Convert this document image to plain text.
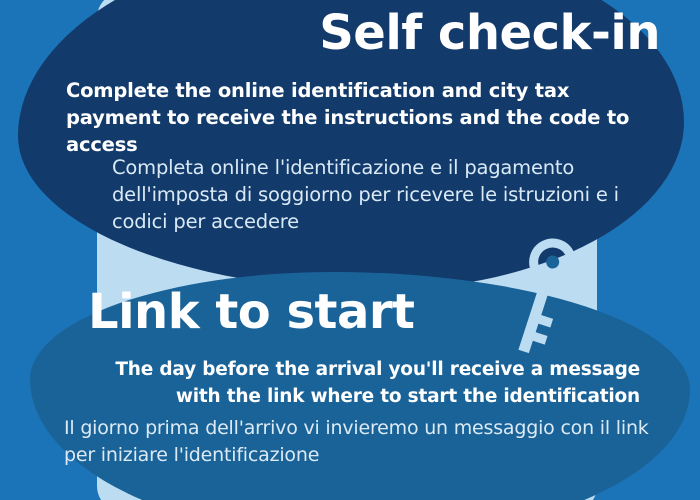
Self check-in
Complete the online identification and city tax payment to receive the instructions and the code to access
Completa online l'identificazione e il pagamento dell'imposta di soggiorno per ricevere le istruzioni e i codici per accedere
Link to start
The day before the arrival you'll receive a message with the link where to start the identification
Il giorno prima dell'arrivo vi invieremo un messaggio con il link per iniziare l'identificazione
